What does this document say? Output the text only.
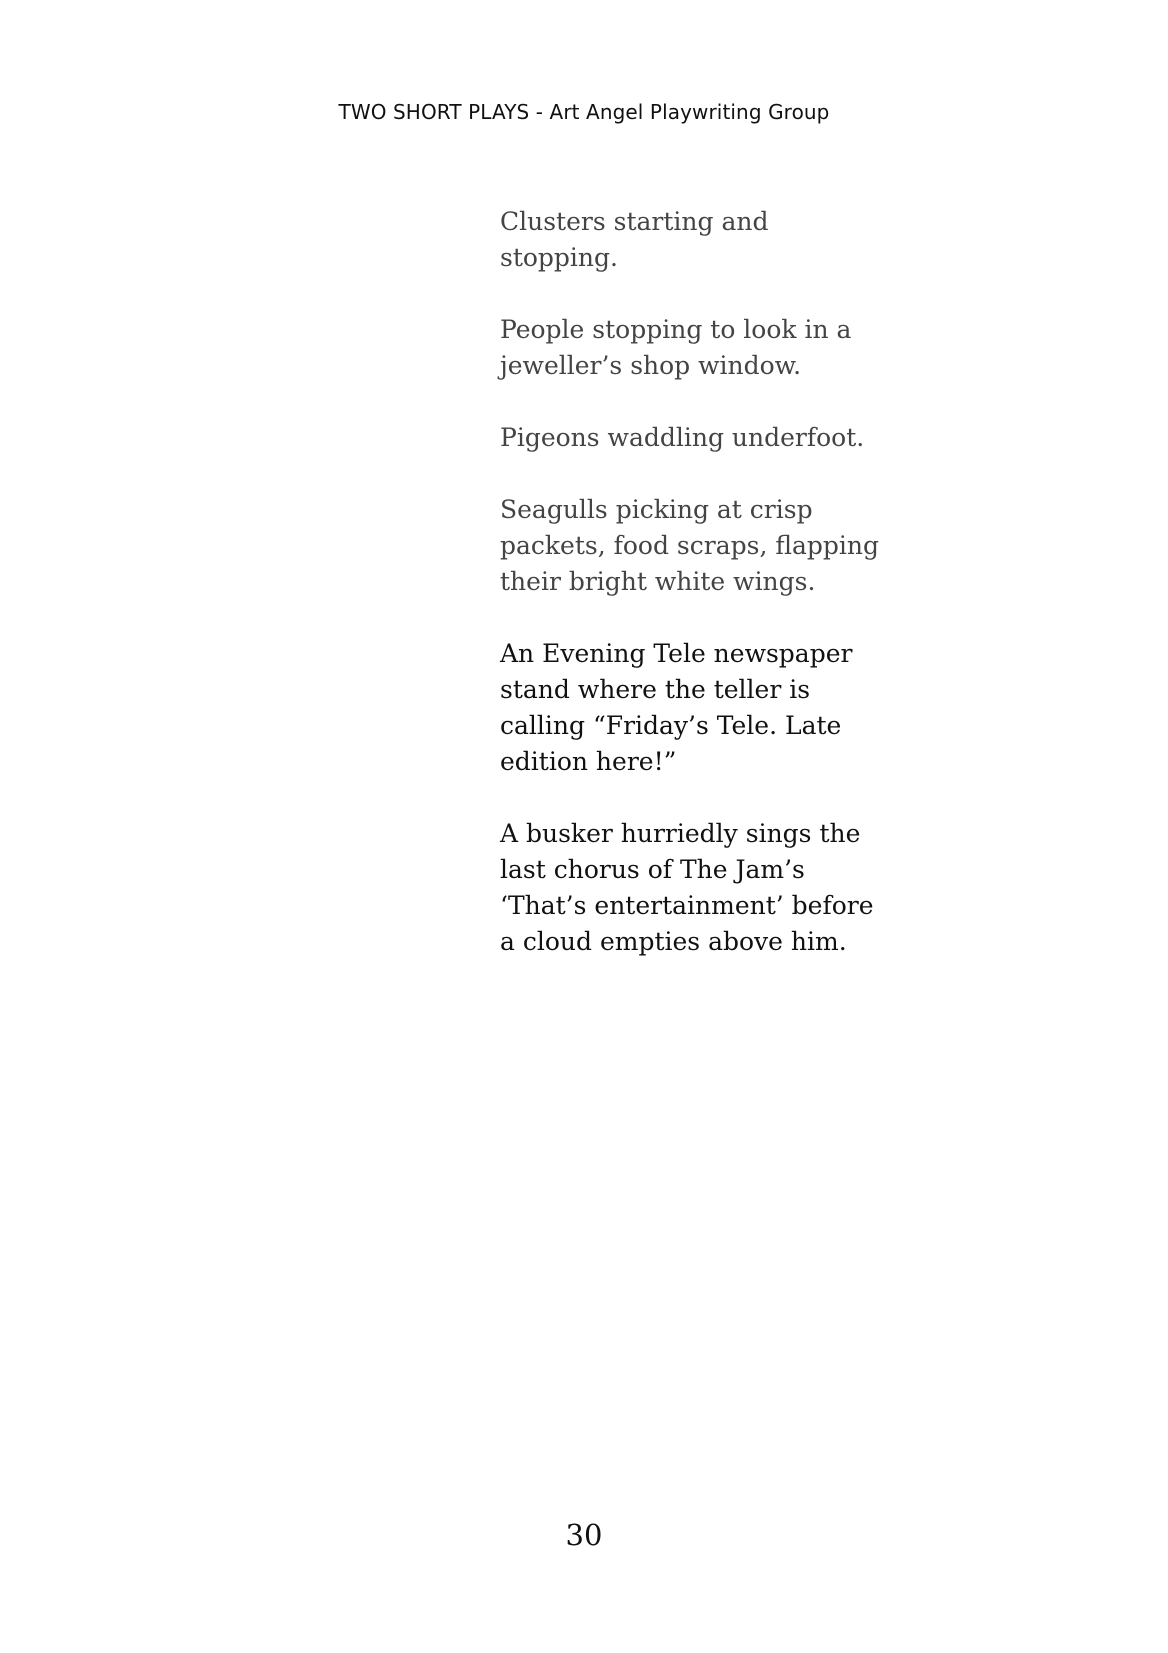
TWO SHORT PLAYS - Art Angel Playwriting Group

Clusters starting and
stopping.

People stopping to look in a
jeweller’s shop window.

Pigeons waddling underfoot.

Seagulls picking at crisp
packets, food scraps, flapping
their bright white wings.

An Evening Tele newspaper
stand where the teller is
calling “Friday’s Tele. Late
edition here!”

A busker hurriedly sings the
last chorus of The Jam’s
‘That’s entertainment’ before
a cloud empties above him.

30
